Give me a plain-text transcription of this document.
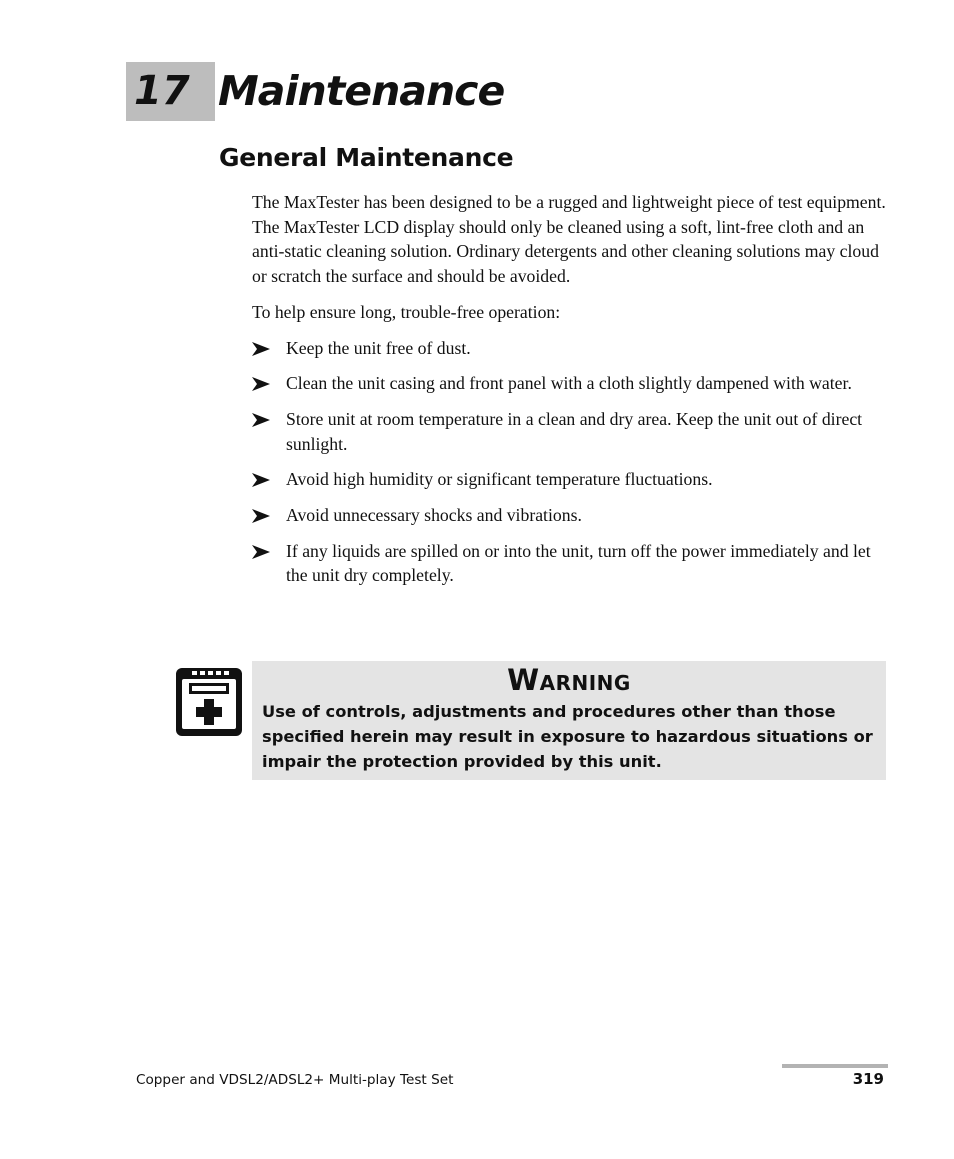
17 Maintenance
General Maintenance

The MaxTester has been designed to be a rugged and lightweight piece of test equipment. The MaxTester LCD display should only be cleaned using a soft, lint-free cloth and an anti-static cleaning solution. Ordinary detergents and other cleaning solutions may cloud or scratch the surface and should be avoided.

To help ensure long, trouble-free operation:

Keep the unit free of dust.
Clean the unit casing and front panel with a cloth slightly dampened with water.
Store unit at room temperature in a clean and dry area. Keep the unit out of direct sunlight.
Avoid high humidity or significant temperature fluctuations.
Avoid unnecessary shocks and vibrations.
If any liquids are spilled on or into the unit, turn off the power immediately and let the unit dry completely.
Warning
Use of controls, adjustments and procedures other than those specified herein may result in exposure to hazardous situations or impair the protection provided by this unit.
Copper and VDSL2/ADSL2+ Multi-play Test Set	319
